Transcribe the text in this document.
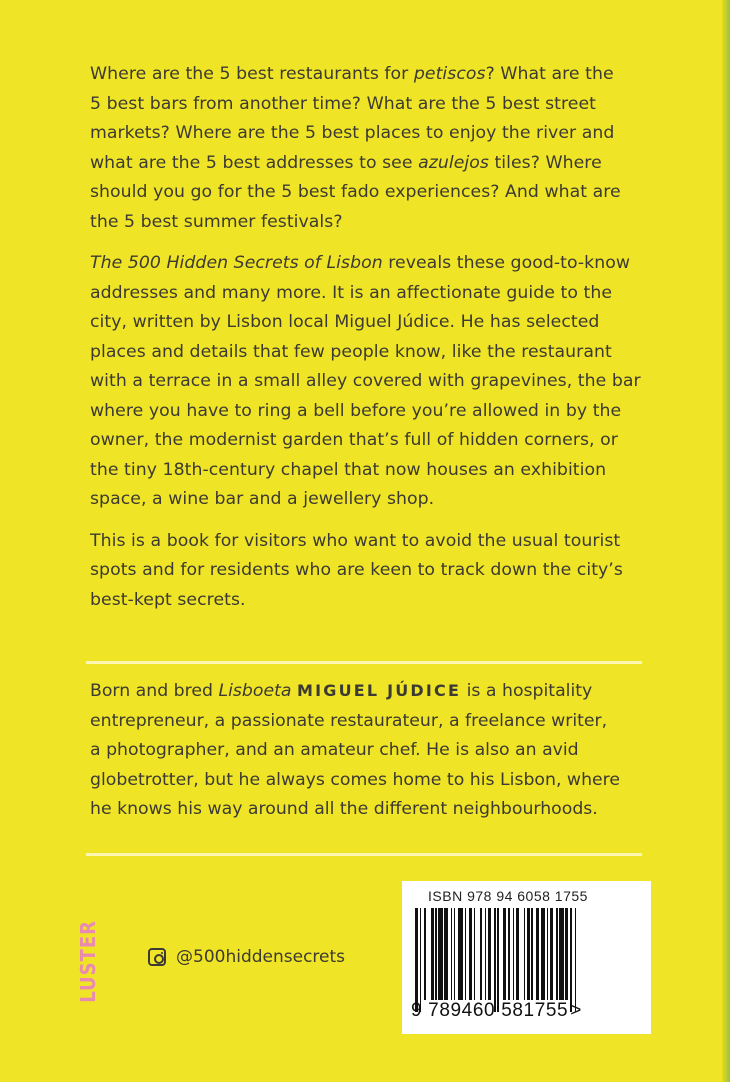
Where are the 5 best restaurants for petiscos? What are the
5 best bars from another time? What are the 5 best street
markets? Where are the 5 best places to enjoy the river and
what are the 5 best addresses to see azulejos tiles? Where
should you go for the 5 best fado experiences? And what are
the 5 best summer festivals?

The 500 Hidden Secrets of Lisbon reveals these good-to-know
addresses and many more. It is an affectionate guide to the
city, written by Lisbon local Miguel Júdice. He has selected
places and details that few people know, like the restaurant
with a terrace in a small alley covered with grapevines, the bar
where you have to ring a bell before you’re allowed in by the
owner, the modernist garden that’s full of hidden corners, or
the tiny 18th-century chapel that now houses an exhibition
space, a wine bar and a jewellery shop.

This is a book for visitors who want to avoid the usual tourist
spots and for residents who are keen to track down the city’s
best-kept secrets.

Born and bred Lisboeta MIGUEL JÚDICE is a hospitality
entrepreneur, a passionate restaurateur, a freelance writer,
a photographer, and an amateur chef. He is also an avid
globetrotter, but he always comes home to his Lisbon, where
he knows his way around all the different neighbourhoods.
LUSTER	@500hiddensecrets
ISBN 978 94 6058 1755
9 789460 581755 >
